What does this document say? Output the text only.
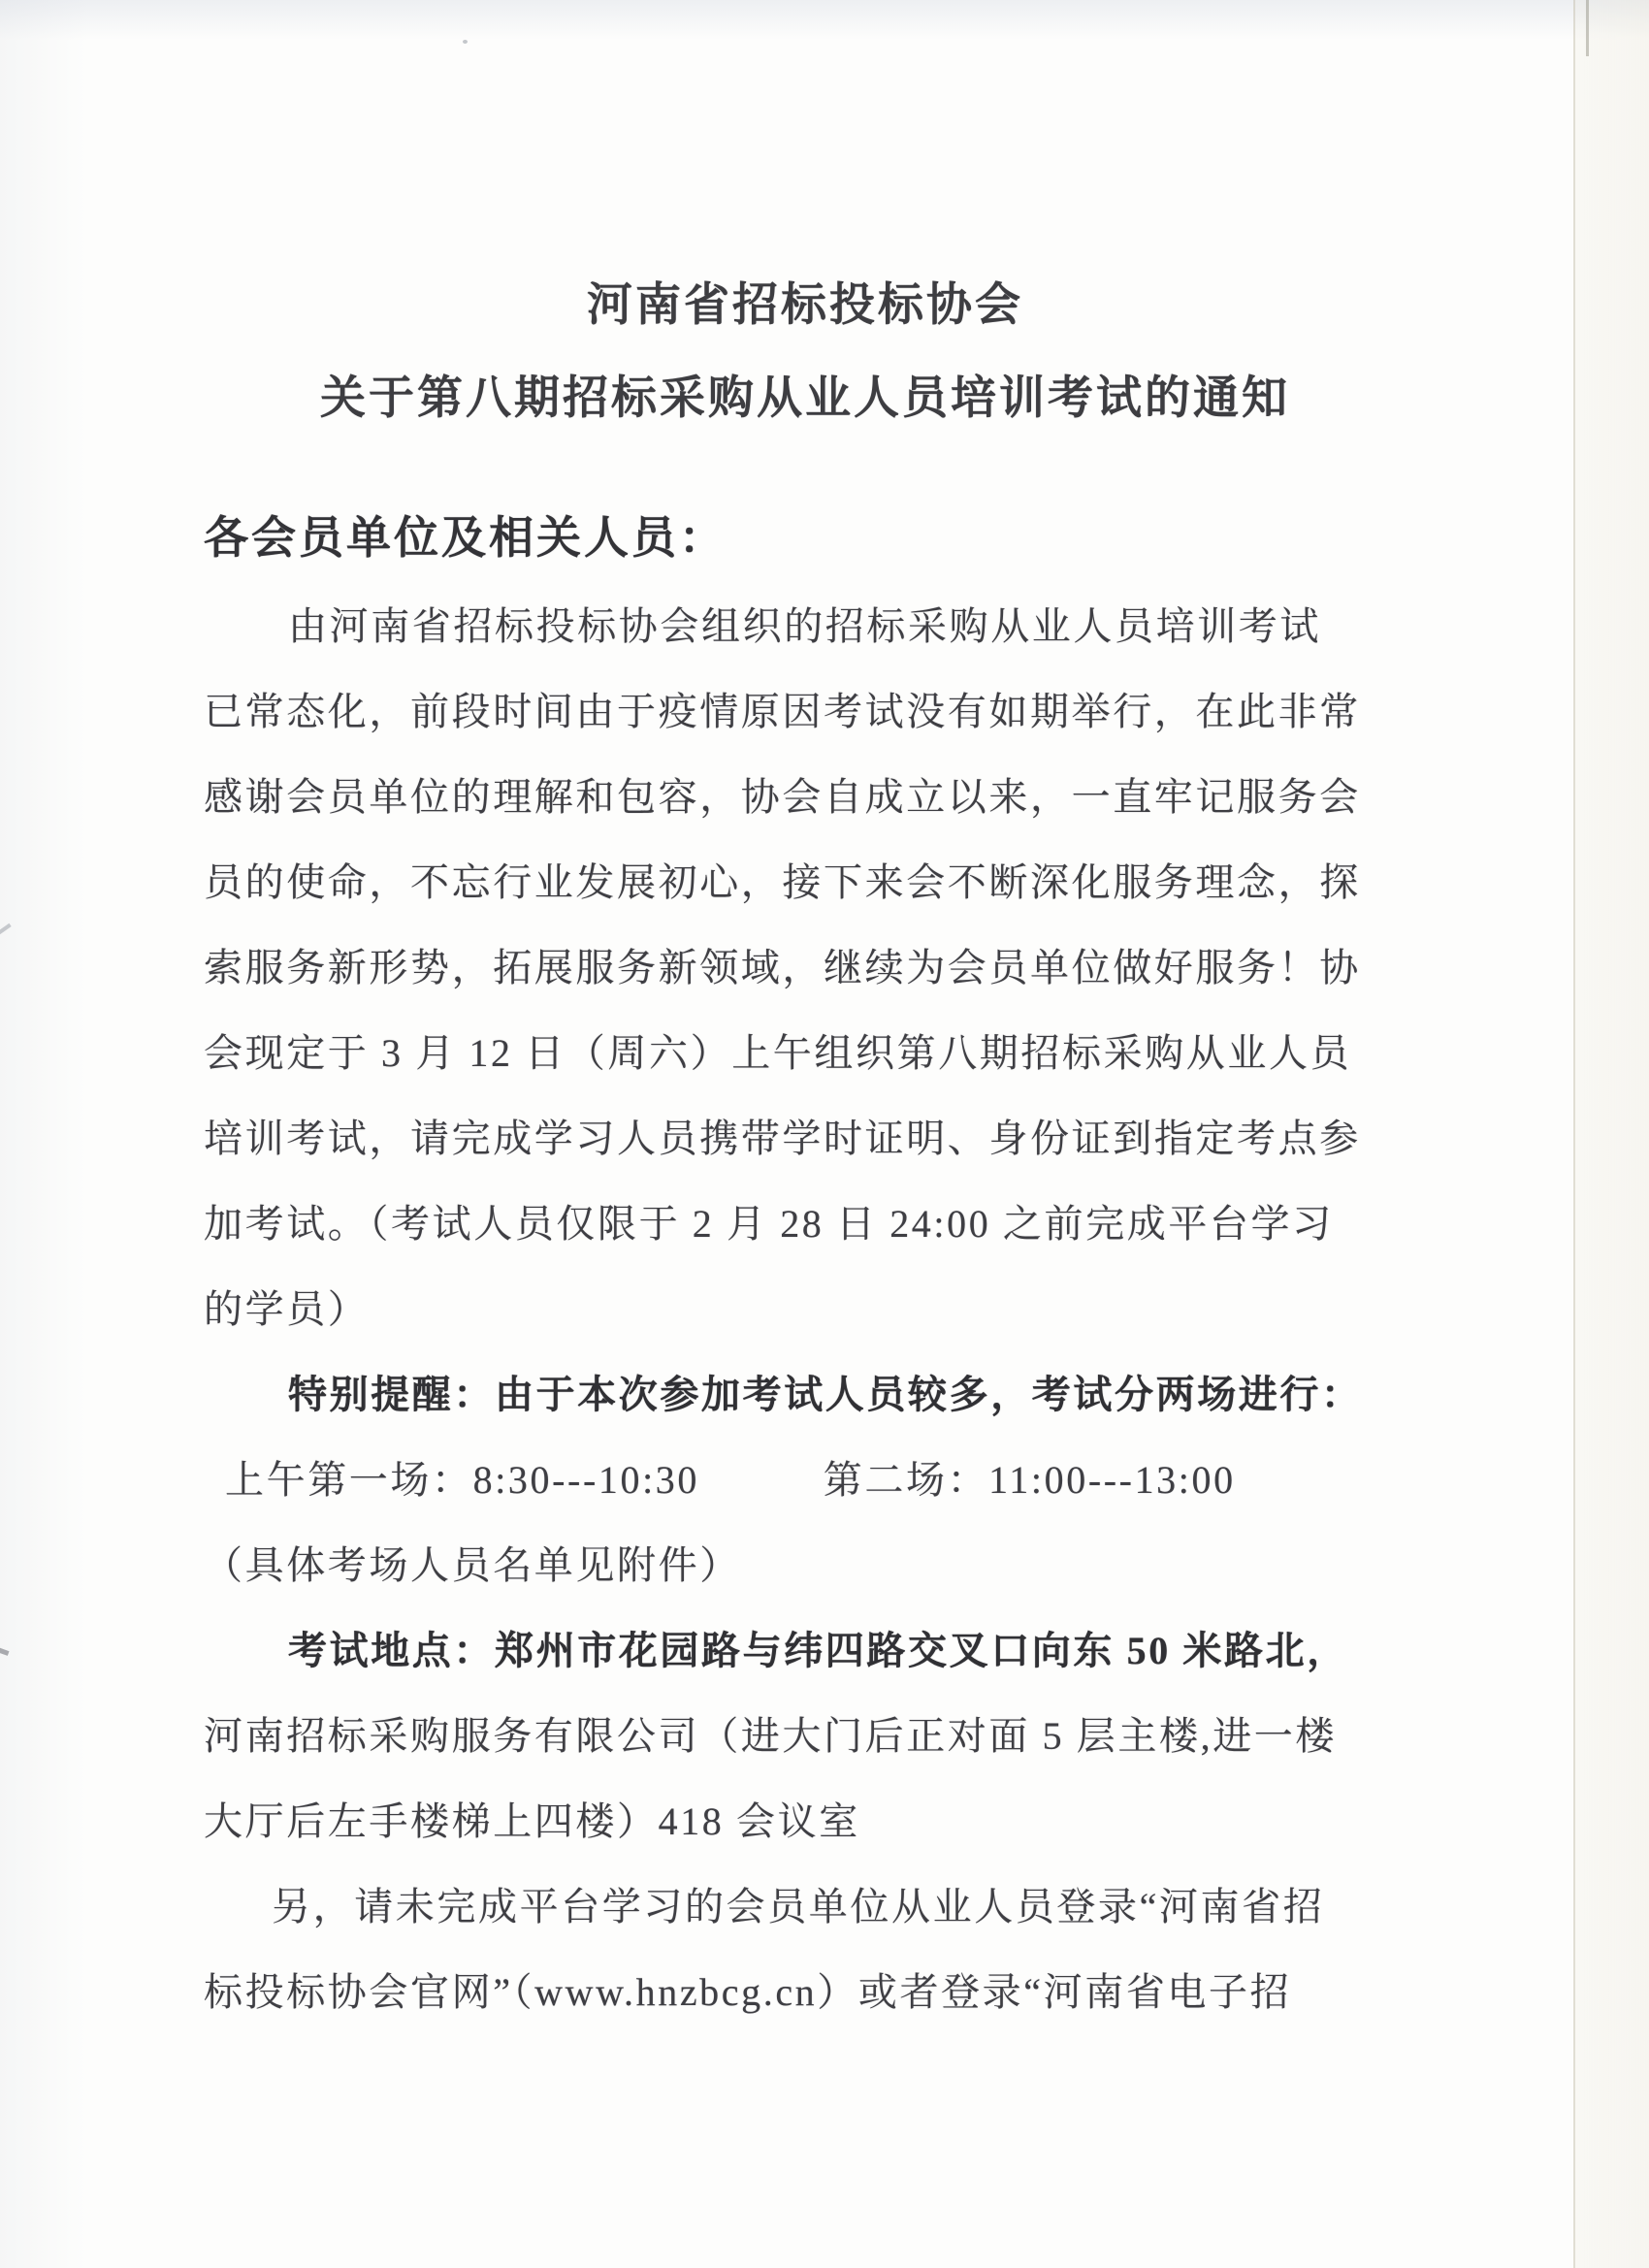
河南省招标投标协会
关于第八期招标采购从业人员培训考试的通知

各会员单位及相关人员：

由河南省招标投标协会组织的招标采购从业人员培训考试

已常态化，前段时间由于疫情原因考试没有如期举行，在此非常

感谢会员单位的理解和包容，协会自成立以来，一直牢记服务会

员的使命，不忘行业发展初心，接下来会不断深化服务理念，探

索服务新形势，拓展服务新领域，继续为会员单位做好服务！协

会现定于 3 月 12 日（周六）上午组织第八期招标采购从业人员

培训考试，请完成学习人员携带学时证明、身份证到指定考点参

加考试。（考试人员仅限于 2 月 28 日 24:00 之前完成平台学习

的学员）

特别提醒：由于本次参加考试人员较多，考试分两场进行：

上午第一场：8:30---10:30　　　第二场：11:00---13:00

（具体考场人员名单见附件）

考试地点：郑州市花园路与纬四路交叉口向东 50 米路北，

河南招标采购服务有限公司（进大门后正对面 5 层主楼,进一楼

大厅后左手楼梯上四楼）418 会议室

另，请未完成平台学习的会员单位从业人员登录“河南省招

标投标协会官网”（www.hnzbcg.cn）或者登录“河南省电子招
